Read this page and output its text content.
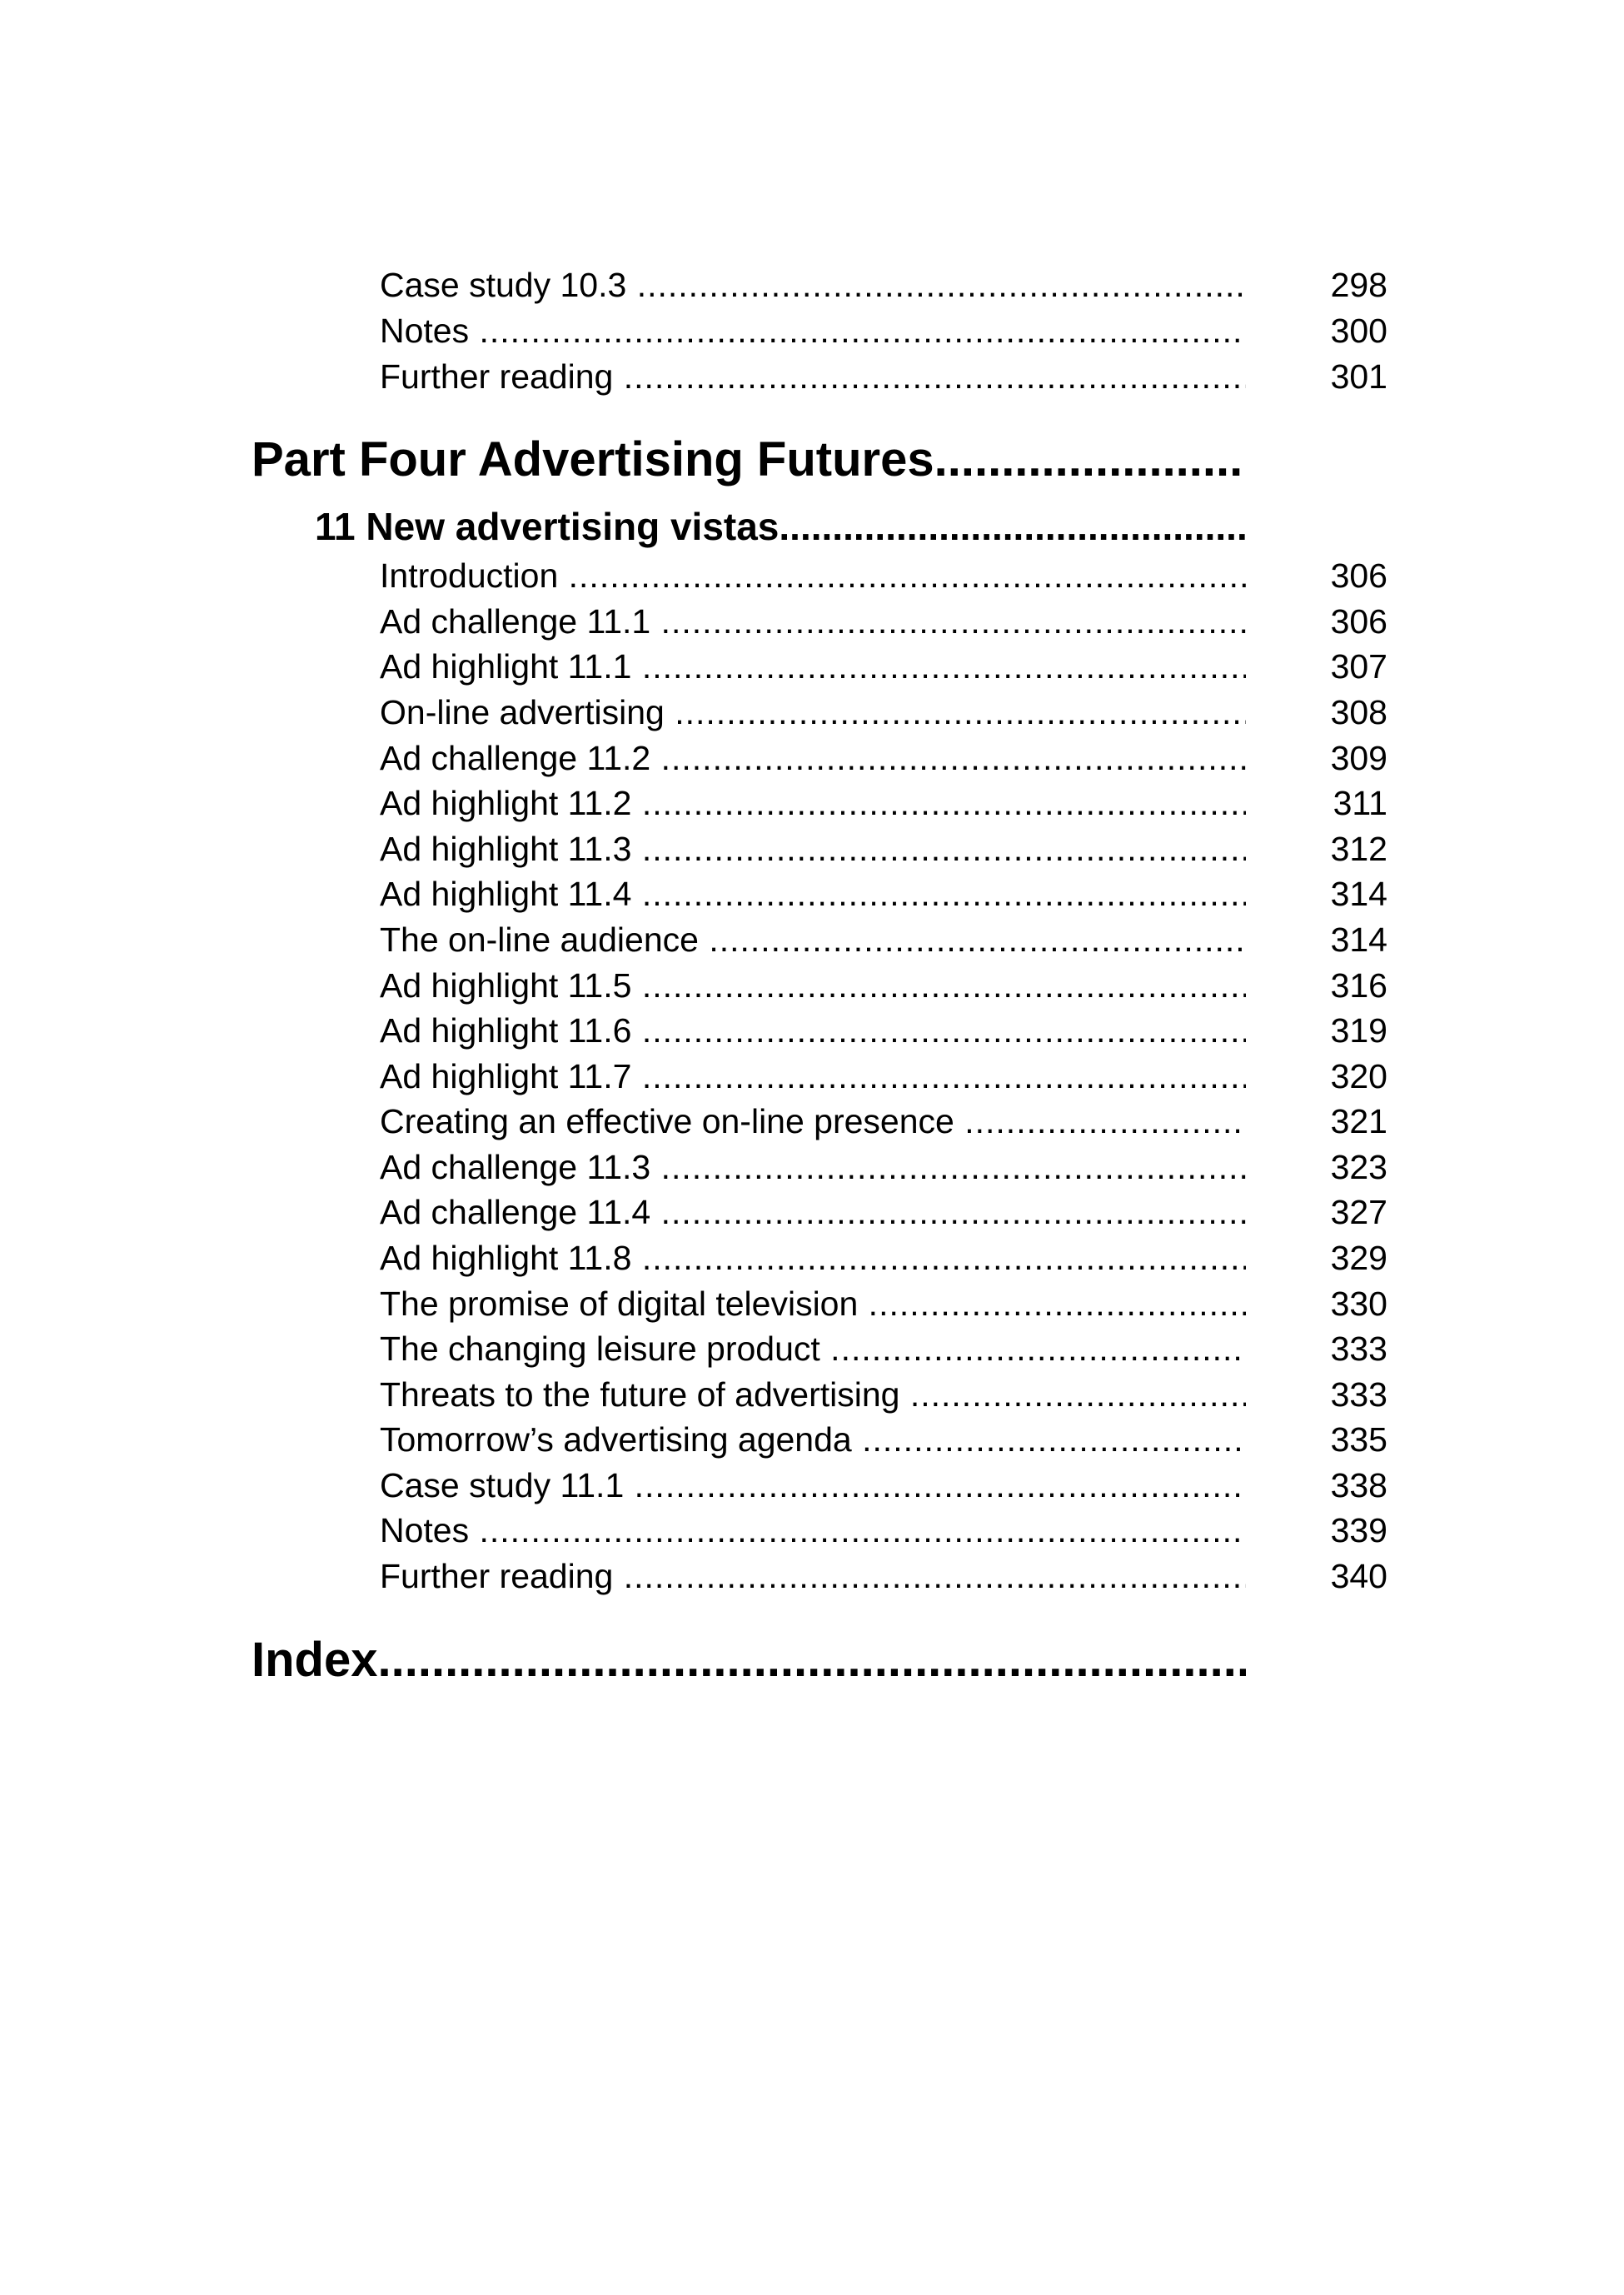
Case study 10.3 .....	298
Notes .....	300
Further reading .....	301
Part Four Advertising Futures .....
11 New advertising vistas .....
Introduction .....	306
Ad challenge 11.1 .....	306
Ad highlight 11.1 .....	307
On-line advertising .....	308
Ad challenge 11.2 .....	309
Ad highlight 11.2 .....	311
Ad highlight 11.3 .....	312
Ad highlight 11.4 .....	314
The on-line audience .....	314
Ad highlight 11.5 .....	316
Ad highlight 11.6 .....	319
Ad highlight 11.7 .....	320
Creating an effective on-line presence .....	321
Ad challenge 11.3 .....	323
Ad challenge 11.4 .....	327
Ad highlight 11.8 .....	329
The promise of digital television .....	330
The changing leisure product .....	333
Threats to the future of advertising .....	333
Tomorrow’s advertising agenda .....	335
Case study 11.1 .....	338
Notes .....	339
Further reading .....	340
Index .....
